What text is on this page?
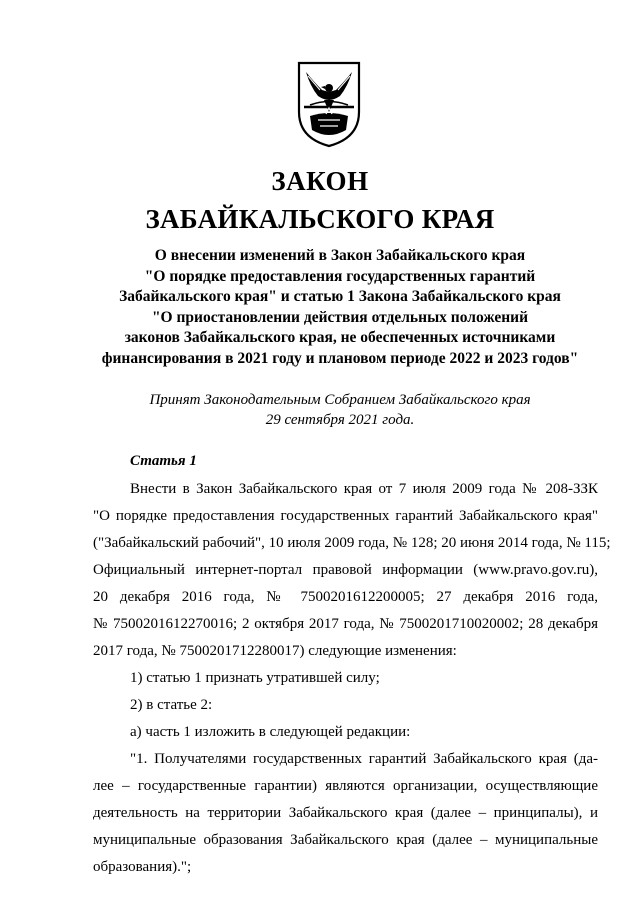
ЗАКОН
ЗАБАЙКАЛЬСКОГО КРАЯ
О внесении изменений в Закон Забайкальского края
"О порядке предоставления государственных гарантий
Забайкальского края" и статью 1 Закона Забайкальского края
"О приостановлении действия отдельных положений
законов Забайкальского края, не обеспеченных источниками
финансирования в 2021 году и плановом периоде 2022 и 2023 годов"
Принят Законодательным Собранием Забайкальского края
29 сентября 2021 года.
Статья 1
Внести в Закон Забайкальского края от 7 июля 2009 года № 208-ЗЗК
"О порядке предоставления государственных гарантий Забайкальского края"
("Забайкальский рабочий", 10 июля 2009 года, № 128; 20 июня 2014 года, № 115;
Официальный интернет-портал правовой информации (www.pravo.gov.ru),
20 декабря 2016 года, № 7500201612200005; 27 декабря 2016 года,
№ 7500201612270016; 2 октября 2017 года, № 7500201710020002; 28 декабря
2017 года, № 7500201712280017) следующие изменения:
1) статью 1 признать утратившей силу;
2) в статье 2:
а) часть 1 изложить в следующей редакции:
"1. Получателями государственных гарантий Забайкальского края (да-
лее – государственные гарантии) являются организации, осуществляющие
деятельность на территории Забайкальского края (далее – принципалы), и
муниципальные образования Забайкальского края (далее – муниципальные
образования).";
